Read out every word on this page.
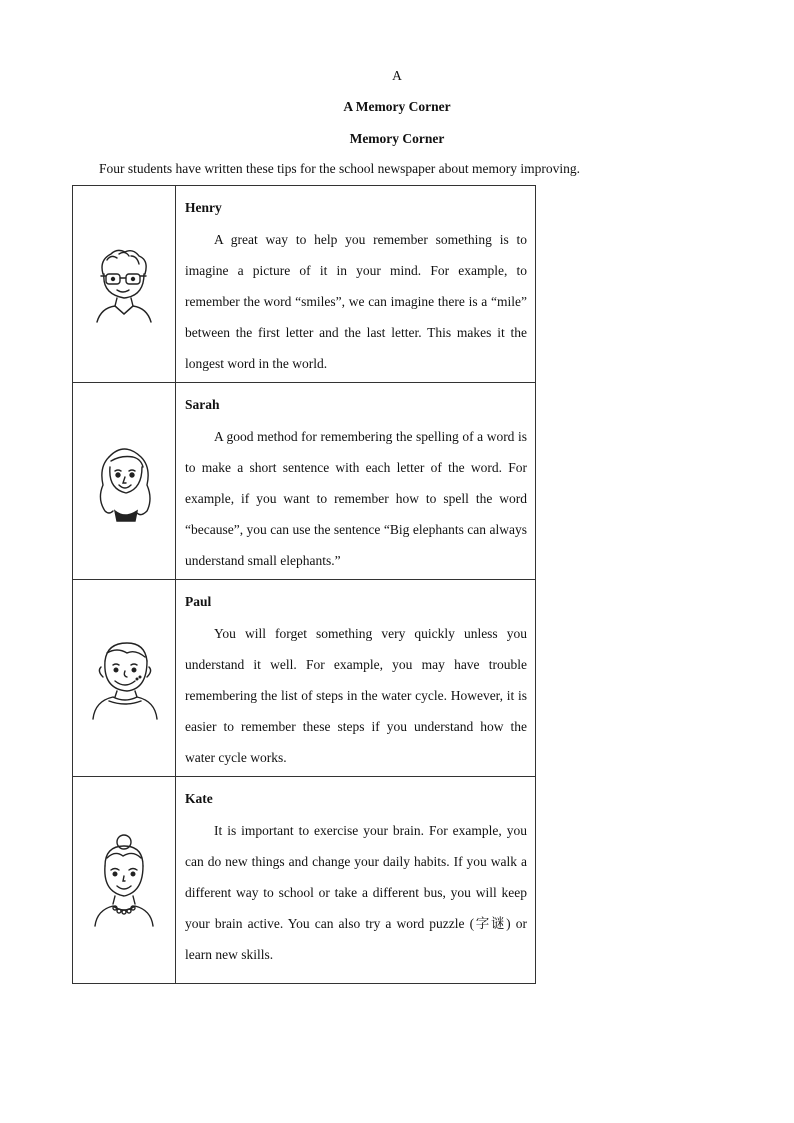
A
A Memory Corner
Memory Corner
Four students have written these tips for the school newspaper about memory improving.

Henry
A great way to help you remember something is to imagine a picture of it in your mind. For example, to remember the word “smiles”, we can imagine there is a “mile” between the first letter and the last letter. This makes it the longest word in the world.

Sarah
A good method for remembering the spelling of a word is to make a short sentence with each letter of the word. For example, if you want to remember how to spell the word “because”, you can use the sentence “Big elephants can always understand small elephants.”

Paul
You will forget something very quickly unless you understand it well. For example, you may have trouble remembering the list of steps in the water cycle. However, it is easier to remember these steps if you understand how the water cycle works.

Kate
It is important to exercise your brain. For example, you can do new things and change your daily habits. If you walk a different way to school or take a different bus, you will keep your brain active. You can also try a word puzzle (字谜) or learn new skills.
